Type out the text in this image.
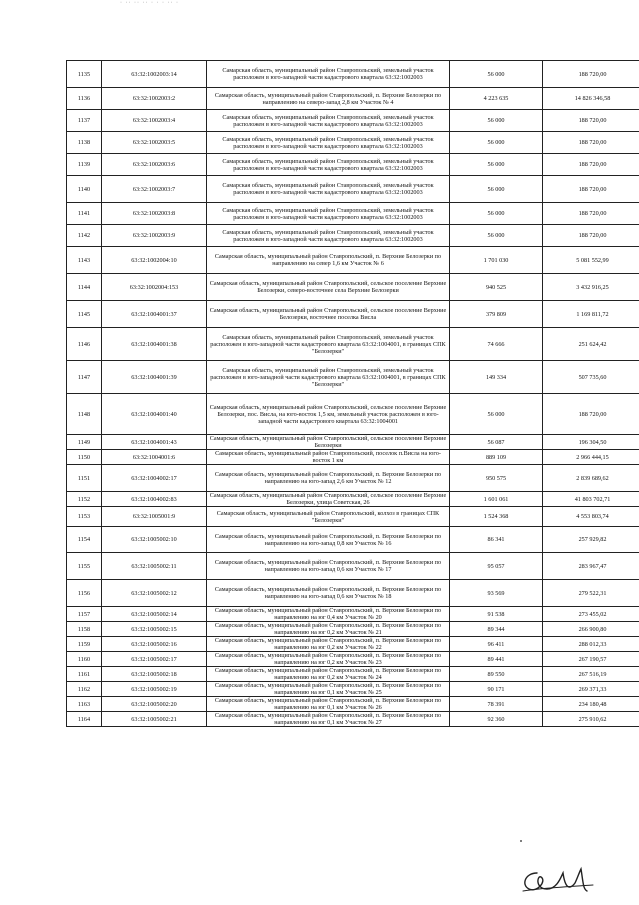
· ·· ·· ·· · · · ·· ·
1135	63:32:1002003:14	Самарская область, муниципальный район Ставропольский, земельный участок расположен в юго-западной части кадастрового квартала 63:32:1002003	56 000	188 720,00
1136	63:32:1002003:2	Самарская область, муниципальный район Ставропольский, п. Верхние Белозерки по направлению на северо-запад 2,8 км Участок № 4	4 223 635	14 826 346,58
1137	63:32:1002003:4	Самарская область, муниципальный район Ставропольский, земельный участок расположен в юго-западной части кадастрового квартала 63:32:1002003	56 000	188 720,00
1138	63:32:1002003:5	Самарская область, муниципальный район Ставропольский, земельный участок расположен в юго-западной части кадастрового квартала 63:32:1002003	56 000	188 720,00
1139	63:32:1002003:6	Самарская область, муниципальный район Ставропольский, земельный участок расположен в юго-западной части кадастрового квартала 63:32:1002003	56 000	188 720,00
1140	63:32:1002003:7	Самарская область, муниципальный район Ставропольский, земельный участок расположен в юго-западной части кадастрового квартала 63:32:1002003	56 000	188 720,00
1141	63:32:1002003:8	Самарская область, муниципальный район Ставропольский, земельный участок расположен в юго-западной части кадастрового квартала 63:32:1002003	56 000	188 720,00
1142	63:32:1002003:9	Самарская область, муниципальный район Ставропольский, земельный участок расположен в юго-западной части кадастрового квартала 63:32:1002003	56 000	188 720,00
1143	63:32:1002004:10	Самарская область, муниципальный район Ставропольский, п. Верхние Белозерки по направлению на север 1,6 км Участок № 6	1 701 030	5 081 552,99
1144	63:32:1002004:153	Самарская область, муниципальный район Ставропольский, сельское поселение Верхние Белозерки, северо-восточнее села Верхние Белозерки	940 525	3 432 916,25
1145	63:32:1004001:37	Самарская область, муниципальный район Ставропольский, сельское поселение Верхние Белозерки, восточнее поселка Висла	379 809	1 169 811,72
1146	63:32:1004001:38	Самарская область, муниципальный район Ставропольский, земельный участок расположен в юго-западной части кадастрового квартала 63:32:1004001, в границах СПК "Белозерки"	74 666	251 624,42
1147	63:32:1004001:39	Самарская область, муниципальный район Ставропольский, земельный участок расположен в юго-западной части кадастрового квартала 63:32:1004001, в границах СПК "Белозерки"	149 334	507 735,60
1148	63:32:1004001:40	Самарская область, муниципальный район Ставропольский, сельское поселение Верхние Белозерки, пос. Висла, на юго-восток 1,5 км, земельный участок расположен в юго-западной части кадастрового квартала 63:32:1004001	56 000	188 720,00
1149	63:32:1004001:43	Самарская область, муниципальный район Ставропольский, сельское поселение Верхние Белозерки	56 087	196 304,50
1150	63:32:1004001:6	Самарская область, муниципальный район Ставропольский, поселок п.Висла на юго-восток 1 км	889 109	2 966 444,15
1151	63:32:1004002:17	Самарская область, муниципальный район Ставропольский, п. Верхние Белозерки по направлению на юго-запад 2,6 км Участок № 12	950 575	2 839 689,62
1152	63:32:1004002:83	Самарская область, муниципальный район Ставропольский, сельское поселение Верхние Белозерки, улица Советская, 26	1 601 061	41 803 702,71
1153	63:32:1005001:9	Самарская область, муниципальный район Ставропольский, колхоз в границах СПК "Белозерки"	1 524 368	4 553 803,74
1154	63:32:1005002:10	Самарская область, муниципальный район Ставропольский, п. Верхние Белозерки по направлению на юго-запад 0,8 км Участок № 16	86 341	257 929,82
1155	63:32:1005002:11	Самарская область, муниципальный район Ставропольский, п. Верхние Белозерки по направлению на юго-запад 0,6 км Участок № 17	95 057	283 967,47
1156	63:32:1005002:12	Самарская область, муниципальный район Ставропольский, п. Верхние Белозерки по направлению на юго-запад 0,6 км Участок № 18	93 569	279 522,31
1157	63:32:1005002:14	Самарская область, муниципальный район Ставропольский, п. Верхние Белозерки по направлению на юг 0,4 км Участок № 20	91 538	273 455,02
1158	63:32:1005002:15	Самарская область, муниципальный район Ставропольский, п. Верхние Белозерки по направлению на юг 0,2 км Участок № 21	89 344	266 900,80
1159	63:32:1005002:16	Самарская область, муниципальный район Ставропольский, п. Верхние Белозерки по направлению на юг 0,2 км Участок № 22	96 411	288 012,33
1160	63:32:1005002:17	Самарская область, муниципальный район Ставропольский, п. Верхние Белозерки по направлению на юг 0,2 км Участок № 23	89 441	267 190,57
1161	63:32:1005002:18	Самарская область, муниципальный район Ставропольский, п. Верхние Белозерки по направлению на юг 0,2 км Участок № 24	89 550	267 516,19
1162	63:32:1005002:19	Самарская область, муниципальный район Ставропольский, п. Верхние Белозерки по направлению на юг 0,1 км Участок № 25	90 171	269 371,33
1163	63:32:1005002:20	Самарская область, муниципальный район Ставропольский, п. Верхние Белозерки по направлению на юг 0,1 км Участок № 26	78 391	234 180,48
1164	63:32:1005002:21	Самарская область, муниципальный район Ставропольский, п. Верхние Белозерки по направлению на юг 0,1 км Участок № 27	92 360	275 910,62
